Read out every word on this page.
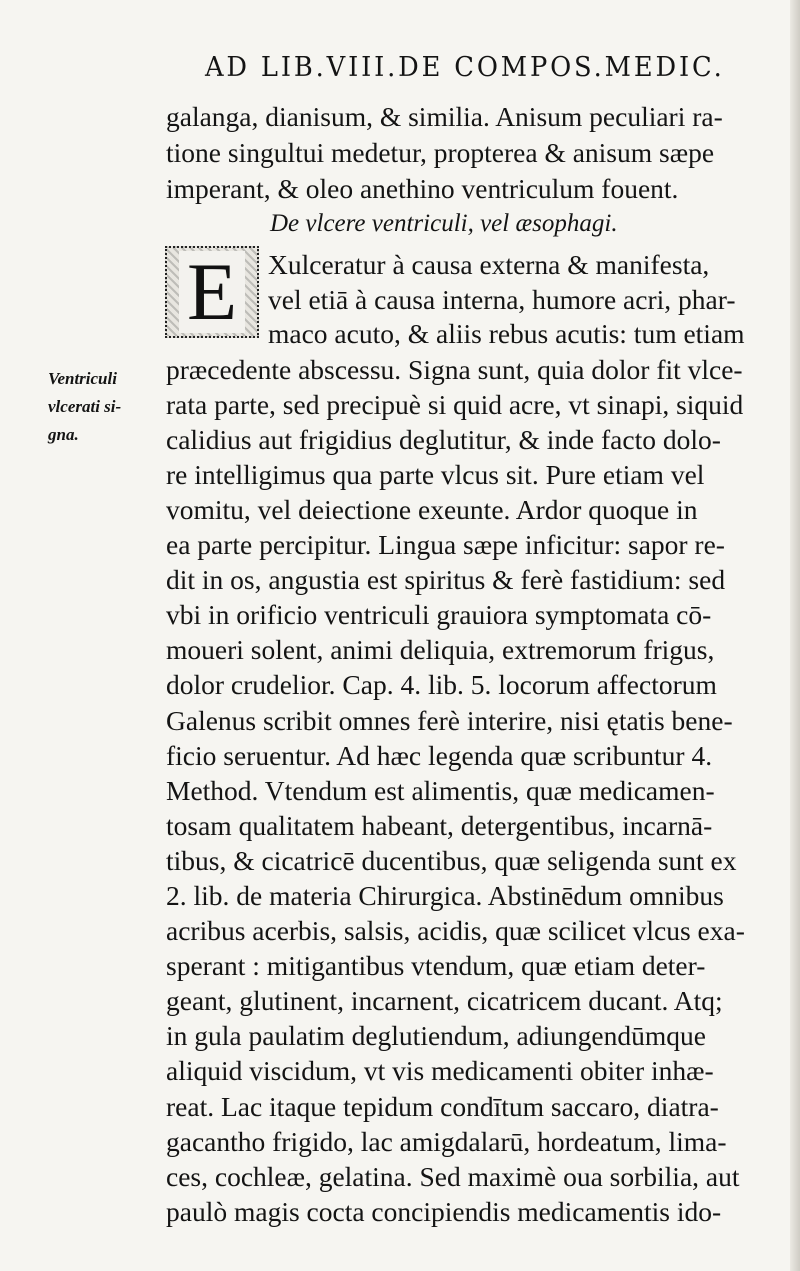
AD LIB.VIII.DE COMPOS.MEDIC.
galanga, dianisum, & similia. Anisum peculiari ra-
tione singultui medetur, propterea & anisum sæpe
imperant, & oleo anethino ventriculum fouent.
De vlcere ventriculi, vel æsophagi.
E Xulceratur à causa externa & manifesta,
vel etiā à causa interna, humore acri, phar-
maco acuto, & aliis rebus acutis: tum etiam
præcedente abscessu. Signa sunt, quia dolor fit vlce-
rata parte, sed precipuè si quid acre, vt sinapi, siquid
calidius aut frigidius deglutitur, & inde facto dolo-
re intelligimus qua parte vlcus sit. Pure etiam vel
vomitu, vel deiectione exeunte. Ardor quoque in
ea parte percipitur. Lingua sæpe inficitur: sapor re-
dit in os, angustia est spiritus & ferè fastidium: sed
vbi in orificio ventriculi grauiora symptomata cō-
moueri solent, animi deliquia, extremorum frigus,
dolor crudelior. Cap. 4. lib. 5. locorum affectorum
Galenus scribit omnes ferè interire, nisi ętatis bene-
ficio seruentur. Ad hæc legenda quæ scribuntur 4.
Method. Vtendum est alimentis, quæ medicamen-
tosam qualitatem habeant, detergentibus, incarnā-
tibus, & cicatricē ducentibus, quæ seligenda sunt ex
2. lib. de materia Chirurgica. Abstinēdum omnibus
acribus acerbis, salsis, acidis, quæ scilicet vlcus exa-
sperant : mitigantibus vtendum, quæ etiam deter-
geant, glutinent, incarnent, cicatricem ducant. Atq;
in gula paulatim deglutiendum, adiungendūmque
aliquid viscidum, vt vis medicamenti obiter inhæ-
reat. Lac itaque tepidum condītum saccaro, diatra-
gacantho frigido, lac amigdalarū, hordeatum, lima-
ces, cochleæ, gelatina. Sed maximè oua sorbilia, aut
paulò magis cocta concipiendis medicamentis ido-
Ventriculi
vlcerati si-
gna.
